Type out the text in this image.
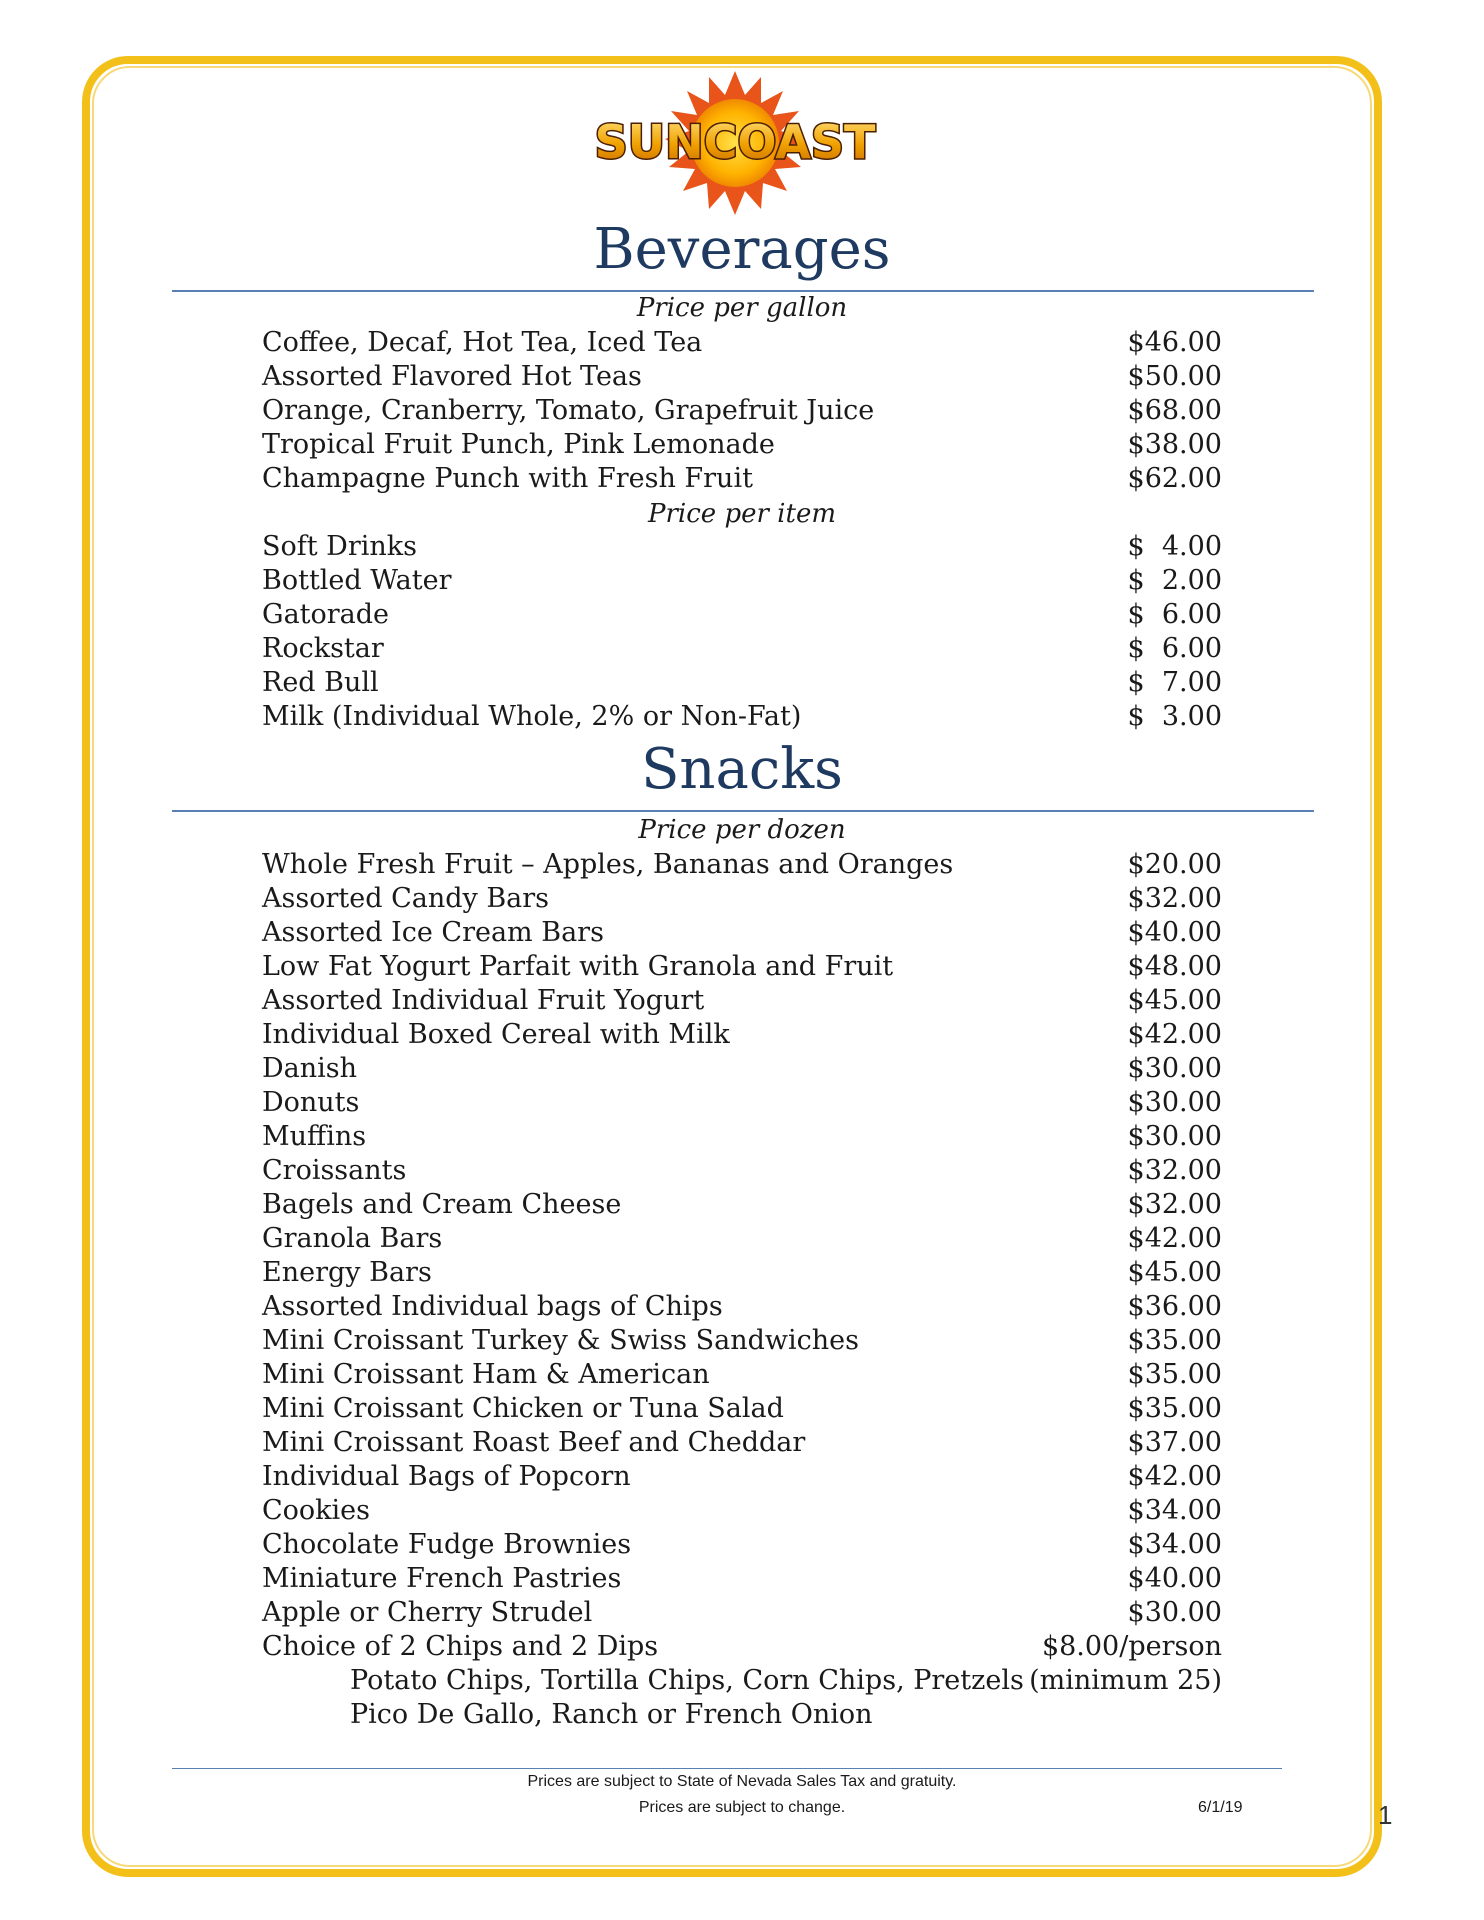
SUNCOAST
Beverages
Price per gallon
Coffee, Decaf, Hot Tea, Iced Tea	$46.00
Assorted Flavored Hot Teas	$50.00
Orange, Cranberry, Tomato, Grapefruit Juice	$68.00
Tropical Fruit Punch, Pink Lemonade	$38.00
Champagne Punch with Fresh Fruit	$62.00
Price per item
Soft Drinks	$  4.00
Bottled Water	$  2.00
Gatorade	$  6.00
Rockstar	$  6.00
Red Bull	$  7.00
Milk (Individual Whole, 2% or Non-Fat)	$  3.00
Snacks
Price per dozen
Whole Fresh Fruit – Apples, Bananas and Oranges	$20.00
Assorted Candy Bars	$32.00
Assorted Ice Cream Bars	$40.00
Low Fat Yogurt Parfait with Granola and Fruit	$48.00
Assorted Individual Fruit Yogurt	$45.00
Individual Boxed Cereal with Milk	$42.00
Danish	$30.00
Donuts	$30.00
Muffins	$30.00
Croissants	$32.00
Bagels and Cream Cheese	$32.00
Granola Bars	$42.00
Energy Bars	$45.00
Assorted Individual bags of Chips	$36.00
Mini Croissant Turkey & Swiss Sandwiches	$35.00
Mini Croissant Ham & American	$35.00
Mini Croissant Chicken or Tuna Salad	$35.00
Mini Croissant Roast Beef and Cheddar	$37.00
Individual Bags of Popcorn	$42.00
Cookies	$34.00
Chocolate Fudge Brownies	$34.00
Miniature French Pastries	$40.00
Apple or Cherry Strudel	$30.00
Choice of 2 Chips and 2 Dips	$8.00/person
Potato Chips, Tortilla Chips, Corn Chips, Pretzels (minimum 25)
Pico De Gallo, Ranch or French Onion
Prices are subject to State of Nevada Sales Tax and gratuity.
Prices are subject to change.	6/1/19	1
